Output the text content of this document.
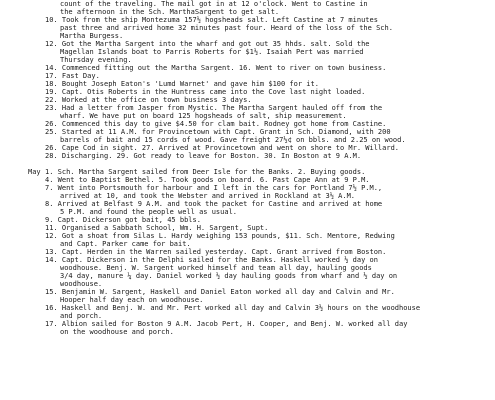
May
count of the traveling. The mail got in at 12 o'clock. Went to Castine in
the afternoon in the Sch. MarthaSargent to get salt.
10. Took from the ship Montezuma 157½ hogsheads salt. Left Castine at 7 minutes
past three and arrived home 32 minutes past four. Heard of the loss of the Sch.
Martha Burgess.
12. Got the Martha Sargent into the wharf and got out 35 hhds. salt. Sold the
Magellan Islands boat to Parris Roberts for $1½. Isaiah Pert was married
Thursday evening.
14. Commenced fitting out the Martha Sargent. 16. Went to river on town business.
17. Fast Day.
18. Bought Joseph Eaton's 'Lumd Warnet' and gave him $100 for it.
19. Capt. Otis Roberts in the Huntress came into the Cove last night loaded.
22. Worked at the office on town business 3 days.
23. Had a letter from Jasper from Mystic. The Martha Sargent hauled off from the
wharf. We have put on board 125 hogsheads of salt, ship measurement.
26. Commenced this day to give $4.50 for clam bait. Rodney got home from Castine.
25. Started at 11 A.M. for Provincetown with Capt. Grant in Sch. Diamond, with 200
barrels of bait and 15 cords of wood. Gave freight 27½¢ on bbls. and 2.25 on wood.
26. Cape Cod in sight. 27. Arrived at Provincetown and went on shore to Mr. Willard.
28. Discharging. 29. Got ready to leave for Boston. 30. In Boston at 9 A.M.
1. Sch. Martha Sargent sailed from Deer Isle for the Banks. 2. Buying goods.
4. Went to Baptist Bethel. 5. Took goods on board. 6. Past Cape Ann at 9 P.M.
7. Went into Portsmouth for harbour and I left in the cars for Portland 7½ P.M.,
arrived at 10, and took the Webster and arrived in Rockland at 3½ A.M.
8. Arrived at Belfast 9 A.M. and took the packet for Castine and arrived at home
5 P.M. and found the people well as usual.
9. Capt. Dickerson got bait, 45 bbls.
11. Organised a Sabbath School, Wm. H. Sargent, Supt.
12. Got a shoat from Silas L. Hardy weighing 153 pounds, $11. Sch. Mentore, Redwing
and Capt. Parker came for bait.
13. Capt. Herden in the Warren sailed yesterday. Capt. Grant arrived from Boston.
14. Capt. Dickerson in the Delphi sailed for the Banks. Haskell worked ½ day on
woodhouse. Benj. W. Sargent worked himself and team all day, hauling goods
3/4 day, manure ¼ day. Daniel worked ½ day hauling goods from wharf and ½ day on
woodhouse.
15. Benjamin W. Sargent, Haskell and Daniel Eaton worked all day and Calvin and Mr.
Hooper half day each on woodhouse.
16. Haskell and Benj. W. and Mr. Pert worked all day and Calvin 3½ hours on the woodhouse
and porch.
17. Albion sailed for Boston 9 A.M. Jacob Pert, H. Cooper, and Benj. W. worked all day
on the woodhouse and porch.
